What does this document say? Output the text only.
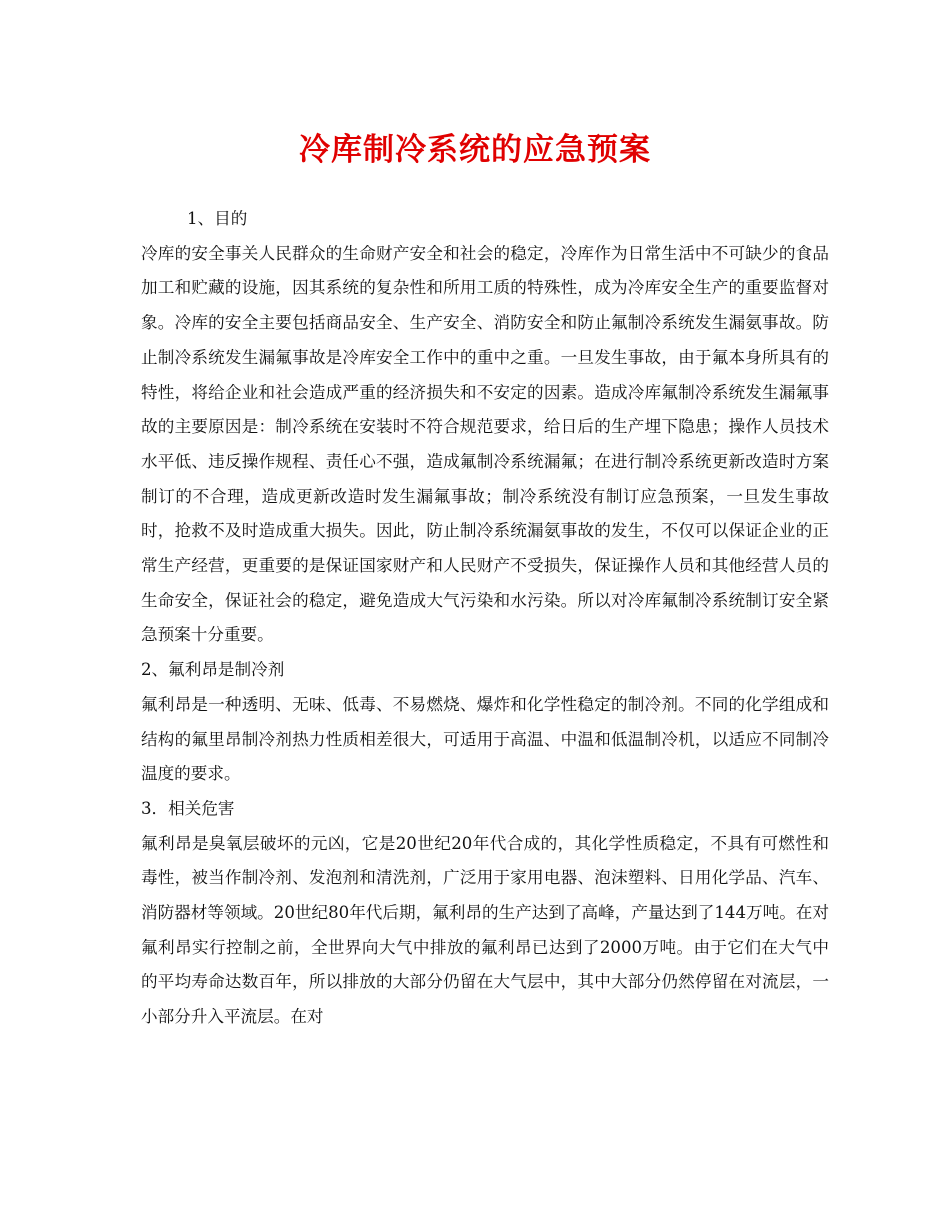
冷库制冷系统的应急预案

1、目的

冷库的安全事关人民群众的生命财产安全和社会的稳定，冷库作为日常生活中不可缺少的食品加工和贮藏的设施，因其系统的复杂性和所用工质的特殊性，成为冷库安全生产的重要监督对象。冷库的安全主要包括商品安全、生产安全、消防安全和防止氟制冷系统发生漏氨事故。防止制冷系统发生漏氟事故是冷库安全工作中的重中之重。一旦发生事故，由于氟本身所具有的特性，将给企业和社会造成严重的经济损失和不安定的因素。造成冷库氟制冷系统发生漏氟事故的主要原因是：制冷系统在安装时不符合规范要求，给日后的生产埋下隐患；操作人员技术水平低、违反操作规程、责任心不强，造成氟制冷系统漏氟；在进行制冷系统更新改造时方案制订的不合理，造成更新改造时发生漏氟事故；制冷系统没有制订应急预案，一旦发生事故时，抢救不及时造成重大损失。因此，防止制冷系统漏氨事故的发生，不仅可以保证企业的正常生产经营，更重要的是保证国家财产和人民财产不受损失，保证操作人员和其他经营人员的生命安全，保证社会的稳定，避免造成大气污染和水污染。所以对冷库氟制冷系统制订安全紧急预案十分重要。

2、氟利昂是制冷剂

氟利昂是一种透明、无味、低毒、不易燃烧、爆炸和化学性稳定的制冷剂。不同的化学组成和结构的氟里昂制冷剂热力性质相差很大，可适用于高温、中温和低温制冷机，以适应不同制冷温度的要求。

3．相关危害

氟利昂是臭氧层破坏的元凶，它是20世纪20年代合成的，其化学性质稳定，不具有可燃性和毒性，被当作制冷剂、发泡剂和清洗剂，广泛用于家用电器、泡沫塑料、日用化学品、汽车、消防器材等领域。20世纪80年代后期，氟利昂的生产达到了高峰，产量达到了144万吨。在对氟利昂实行控制之前，全世界向大气中排放的氟利昂已达到了2000万吨。由于它们在大气中的平均寿命达数百年，所以排放的大部分仍留在大气层中，其中大部分仍然停留在对流层，一小部分升入平流层。在对
